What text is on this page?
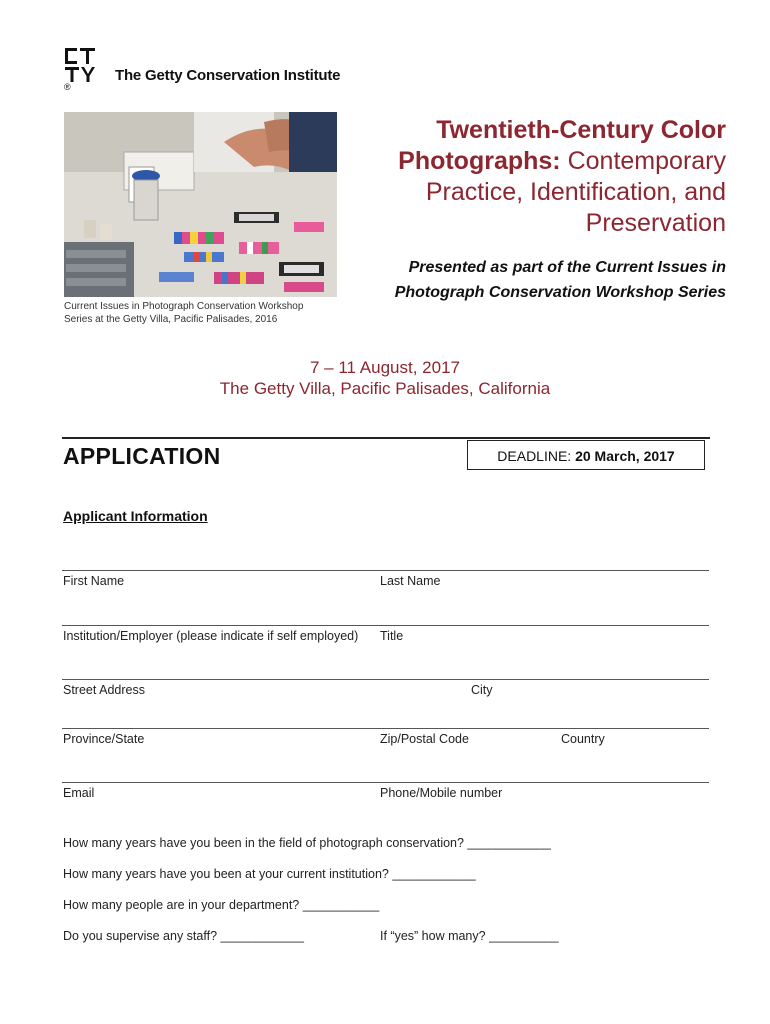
®
The Getty Conservation Institute
Current Issues in Photograph Conservation Workshop Series at the Getty Villa, Pacific Palisades, 2016
Twentieth-Century Color Photographs: Contemporary Practice, Identification, and Preservation
Presented as part of the Current Issues in Photograph Conservation Workshop Series
7 – 11 August, 2017
The Getty Villa, Pacific Palisades, California
APPLICATION	DEADLINE: 20 March, 2017
Applicant Information
First Name	Last Name
Institution/Employer (please indicate if self employed) Title
Street Address	City
Province/State	Zip/Postal Code	Country
Email	Phone/Mobile number
How many years have you been in the field of photograph conservation? ____________
How many years have you been at your current institution? ____________
How many people are in your department? ___________
Do you supervise any staff? ____________	If “yes” how many? __________
